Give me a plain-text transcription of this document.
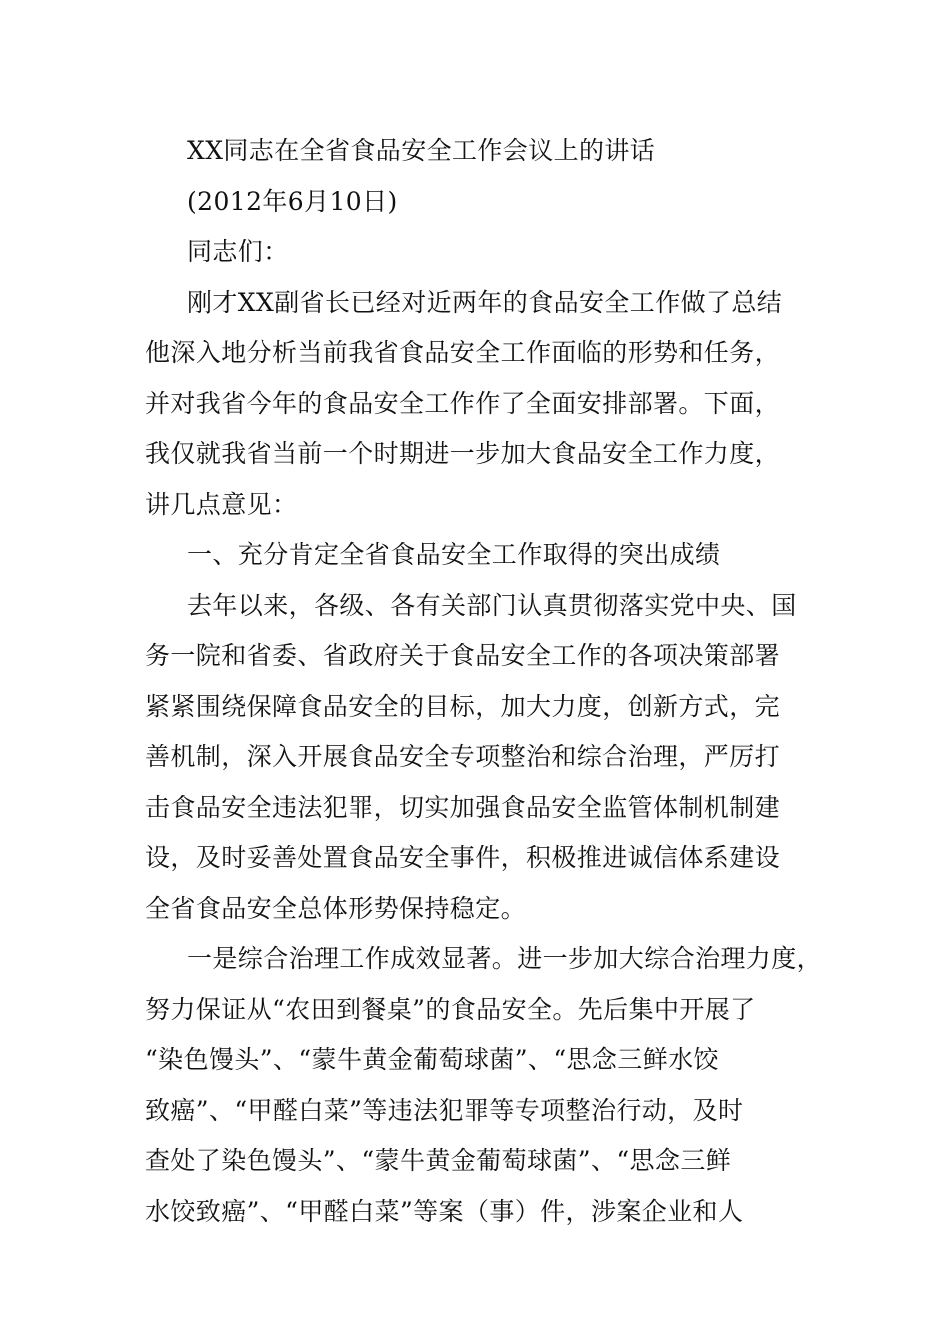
XX同志在全省食品安全工作会议上的讲话
(2012年6月10日)
同志们：
刚才XX副省长已经对近两年的食品安全工作做了总结
他深入地分析当前我省食品安全工作面临的形势和任务，
并对我省今年的食品安全工作作了全面安排部署。下面，
我仅就我省当前一个时期进一步加大食品安全工作力度，
讲几点意见：
一、充分肯定全省食品安全工作取得的突出成绩
去年以来，各级、各有关部门认真贯彻落实党中央、国
务一院和省委、省政府关于食品安全工作的各项决策部署
紧紧围绕保障食品安全的目标，加大力度，创新方式，完
善机制，深入开展食品安全专项整治和综合治理，严厉打
击食品安全违法犯罪，切实加强食品安全监管体制机制建
设，及时妥善处置食品安全事件，积极推进诚信体系建设
全省食品安全总体形势保持稳定。
一是综合治理工作成效显著。进一步加大综合治理力度，
努力保证从“农田到餐桌”的食品安全。先后集中开展了
“染色馒头”、“蒙牛黄金葡萄球菌”、“思念三鲜水饺
致癌”、“甲醛白菜”等违法犯罪等专项整治行动，及时
查处了染色馒头”、“蒙牛黄金葡萄球菌”、“思念三鲜
水饺致癌”、“甲醛白菜”等案（事）件，涉案企业和人
